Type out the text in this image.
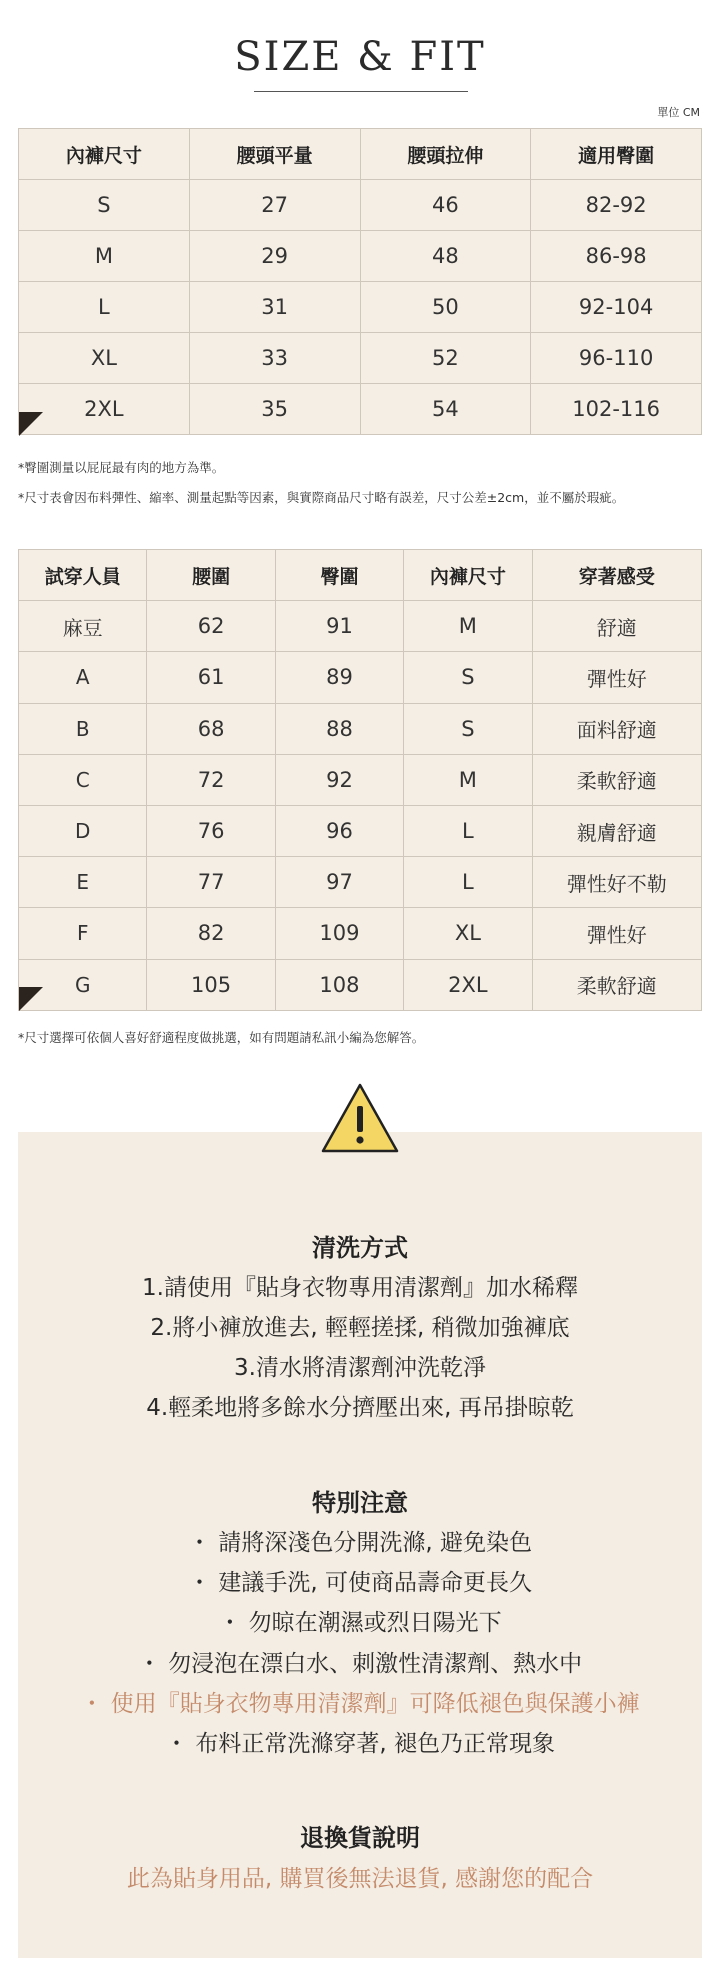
SIZE & FIT
單位 CM
內褲尺寸	腰頭平量	腰頭拉伸	適用臀圍
S	27	46	82-92
M	29	48	86-98
L	31	50	92-104
XL	33	52	96-110
2XL	35	54	102-116
*臀圍測量以屁屁最有肉的地方為準。
*尺寸表會因布料彈性、縮率、測量起點等因素，與實際商品尺寸略有誤差，尺寸公差±2cm，並不屬於瑕疵。
試穿人員	腰圍	臀圍	內褲尺寸	穿著感受
麻豆	62	91	M	舒適
A	61	89	S	彈性好
B	68	88	S	面料舒適
C	72	92	M	柔軟舒適
D	76	96	L	親膚舒適
E	77	97	L	彈性好不勒
F	82	109	XL	彈性好
G	105	108	2XL	柔軟舒適
*尺寸選擇可依個人喜好舒適程度做挑選，如有問題請私訊小編為您解答。
清洗方式
1.請使用『貼身衣物專用清潔劑』加水稀釋
2.將小褲放進去, 輕輕搓揉, 稍微加強褲底
3.清水將清潔劑沖洗乾淨
4.輕柔地將多餘水分擠壓出來, 再吊掛晾乾
特別注意
・ 請將深淺色分開洗滌, 避免染色
・ 建議手洗, 可使商品壽命更長久
・ 勿晾在潮濕或烈日陽光下
・ 勿浸泡在漂白水、刺激性清潔劑、熱水中
・ 使用『貼身衣物專用清潔劑』可降低褪色與保護小褲
・ 布料正常洗滌穿著, 褪色乃正常現象
退換貨說明
此為貼身用品, 購買後無法退貨, 感謝您的配合
